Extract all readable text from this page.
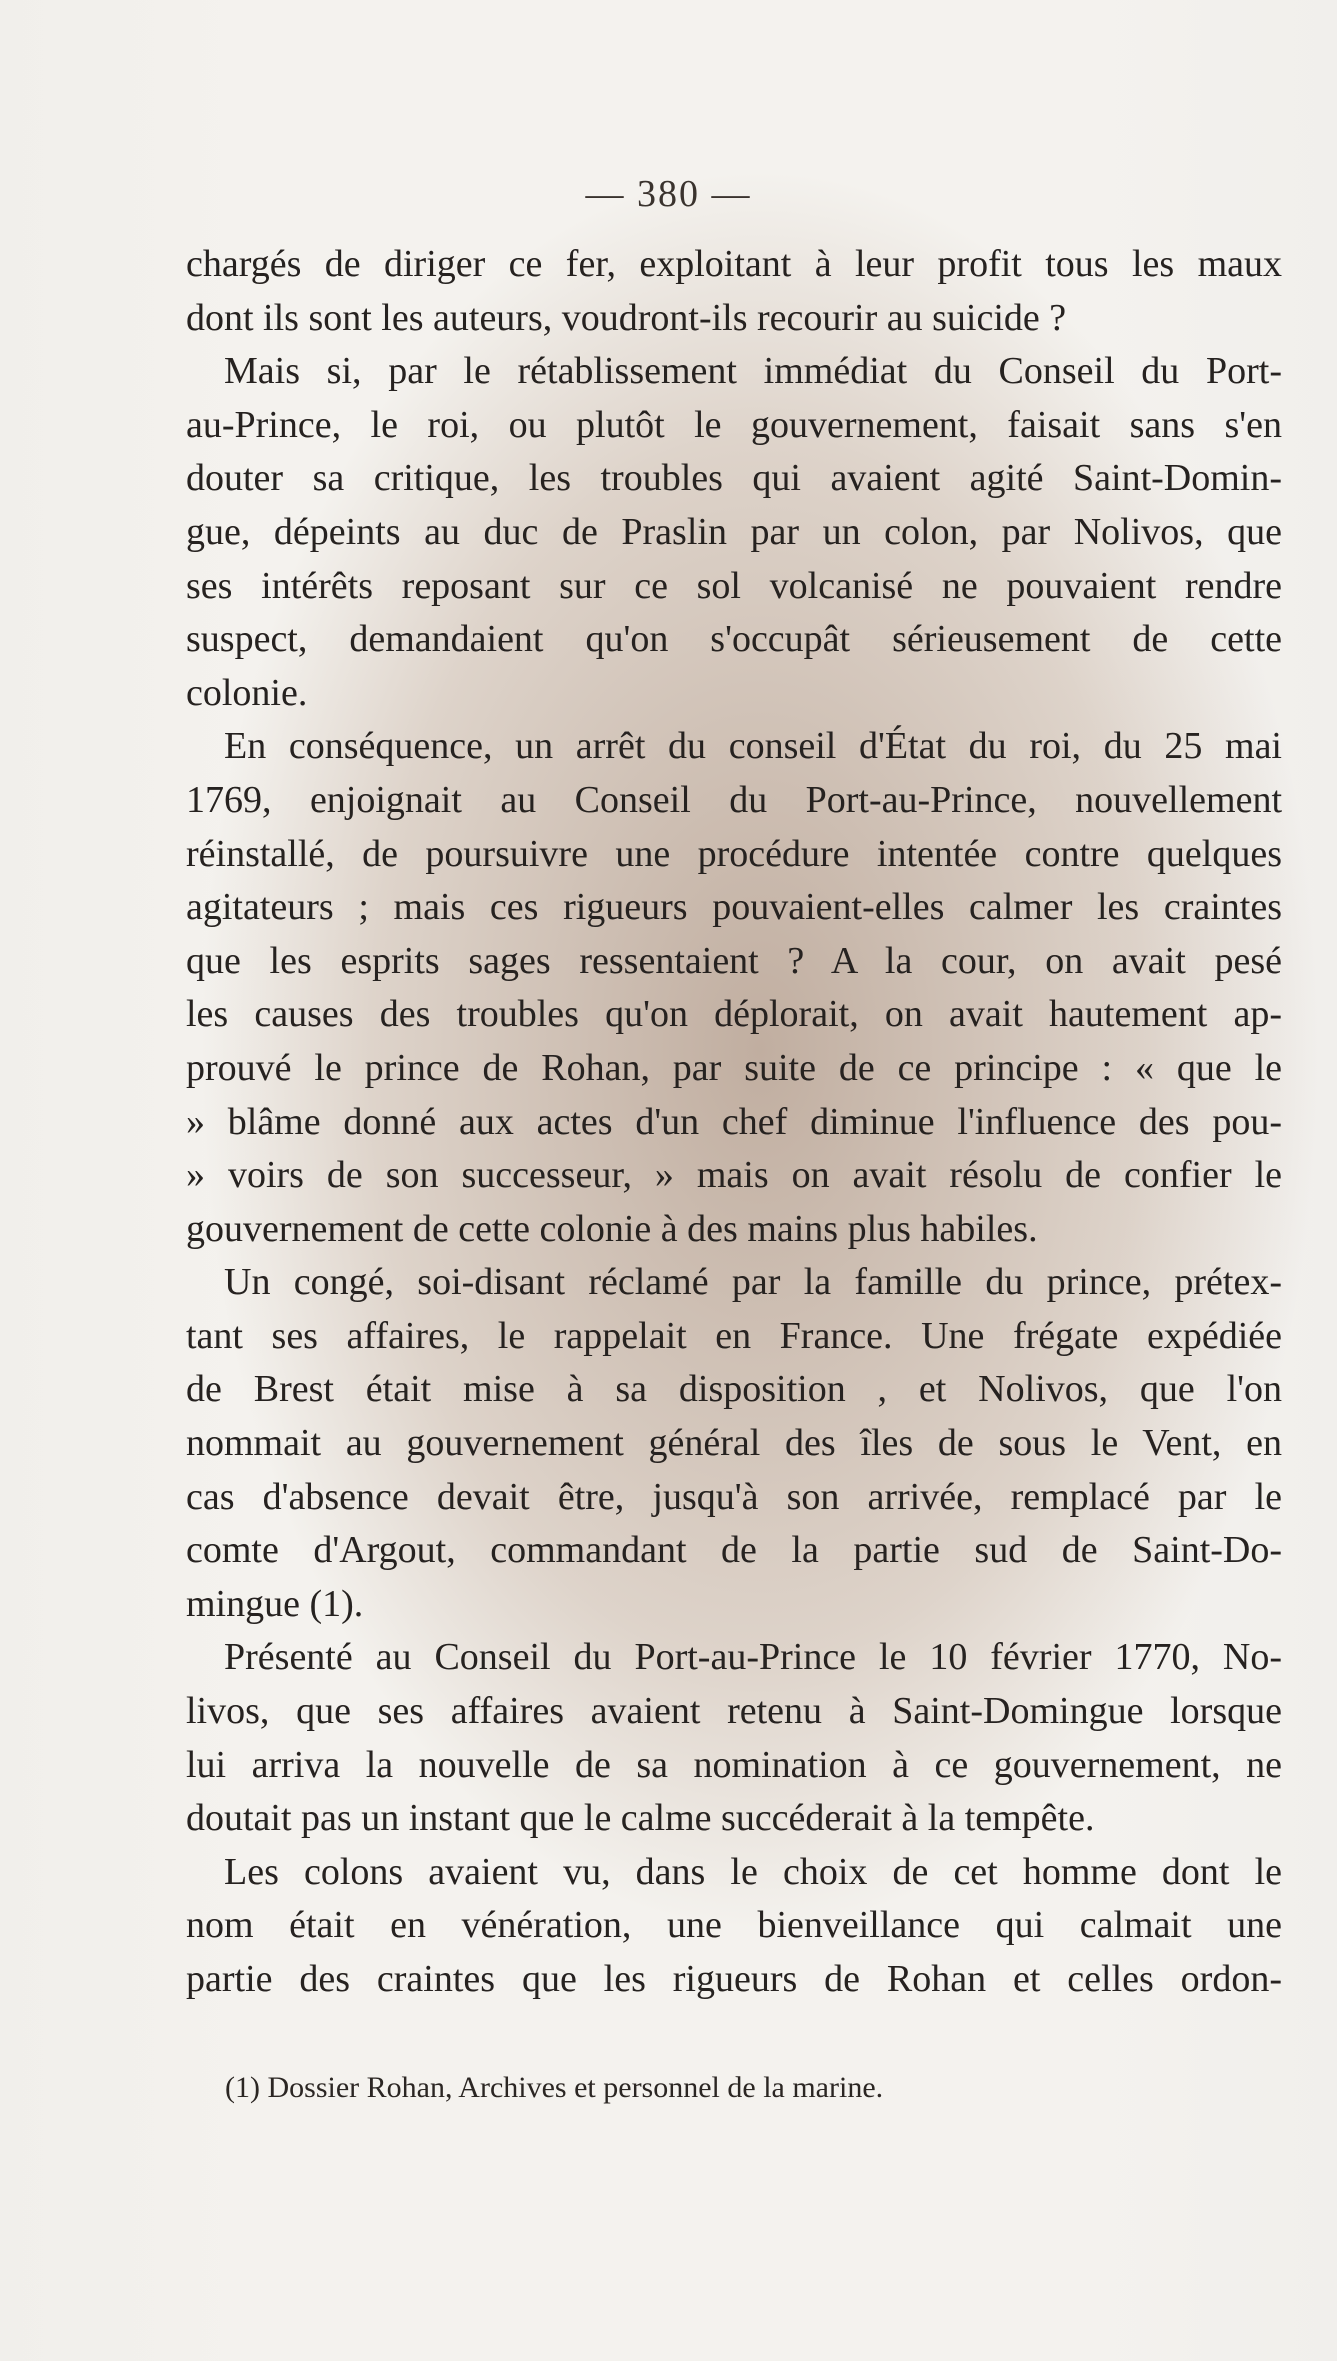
— 380 —
chargés de diriger ce fer, exploitant à leur profit tous les maux
dont ils sont les auteurs, voudront-ils recourir au suicide ?
Mais si, par le rétablissement immédiat du Conseil du Port-
au-Prince, le roi, ou plutôt le gouvernement, faisait sans s'en
douter sa critique, les troubles qui avaient agité Saint-Domin-
gue, dépeints au duc de Praslin par un colon, par Nolivos, que
ses intérêts reposant sur ce sol volcanisé ne pouvaient rendre
suspect, demandaient qu'on s'occupât sérieusement de cette
colonie.
En conséquence, un arrêt du conseil d'État du roi, du 25 mai
1769, enjoignait au Conseil du Port-au-Prince, nouvellement
réinstallé, de poursuivre une procédure intentée contre quelques
agitateurs ; mais ces rigueurs pouvaient-elles calmer les craintes
que les esprits sages ressentaient ? A la cour, on avait pesé
les causes des troubles qu'on déplorait, on avait hautement ap-
prouvé le prince de Rohan, par suite de ce principe : « que le
» blâme donné aux actes d'un chef diminue l'influence des pou-
» voirs de son successeur, » mais on avait résolu de confier le
gouvernement de cette colonie à des mains plus habiles.
Un congé, soi-disant réclamé par la famille du prince, prétex-
tant ses affaires, le rappelait en France. Une frégate expédiée
de Brest était mise à sa disposition , et Nolivos, que l'on
nommait au gouvernement général des îles de sous le Vent, en
cas d'absence devait être, jusqu'à son arrivée, remplacé par le
comte d'Argout, commandant de la partie sud de Saint-Do-
mingue (1).
Présenté au Conseil du Port-au-Prince le 10 février 1770, No-
livos, que ses affaires avaient retenu à Saint-Domingue lorsque
lui arriva la nouvelle de sa nomination à ce gouvernement, ne
doutait pas un instant que le calme succéderait à la tempête.
Les colons avaient vu, dans le choix de cet homme dont le
nom était en vénération, une bienveillance qui calmait une
partie des craintes que les rigueurs de Rohan et celles ordon-
(1) Dossier Rohan, Archives et personnel de la marine.
